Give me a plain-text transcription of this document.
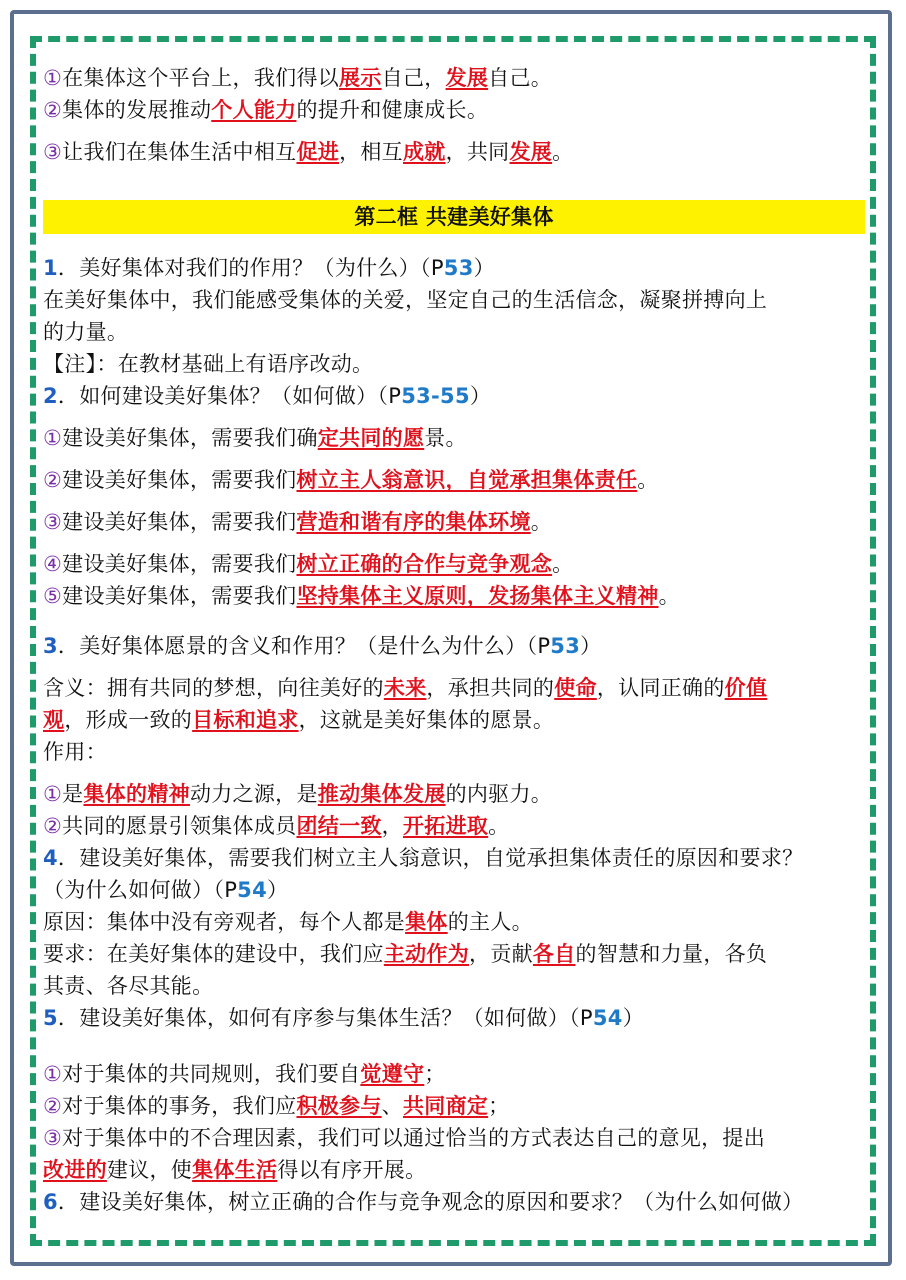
第二框 共建美好集体
①在集体这个平台上，我们得以展示自己，发展自己。
②集体的发展推动个人能力的提升和健康成长。
③让我们在集体生活中相互促进，相互成就，共同发展。
1．美好集体对我们的作用？（为什么）（P53）
在美好集体中，我们能感受集体的关爱，坚定自己的生活信念，凝聚拼搏向上
的力量。
【注】：在教材基础上有语序改动。
2．如何建设美好集体？（如何做）（P53-55）
①建设美好集体，需要我们确定共同的愿景。
②建设美好集体，需要我们树立主人翁意识，自觉承担集体责任。
③建设美好集体，需要我们营造和谐有序的集体环境。
④建设美好集体，需要我们树立正确的合作与竞争观念。
⑤建设美好集体，需要我们坚持集体主义原则，发扬集体主义精神。
3．美好集体愿景的含义和作用？（是什么为什么）（P53）
含义：拥有共同的梦想，向往美好的未来，承担共同的使命，认同正确的价值
观，形成一致的目标和追求，这就是美好集体的愿景。
作用：
①是集体的精神动力之源，是推动集体发展的内驱力。
②共同的愿景引领集体成员团结一致，开拓进取。
4．建设美好集体，需要我们树立主人翁意识，自觉承担集体责任的原因和要求？
（为什么如何做）（P54）
原因：集体中没有旁观者，每个人都是集体的主人。
要求：在美好集体的建设中，我们应主动作为，贡献各自的智慧和力量，各负
其责、各尽其能。
5．建设美好集体，如何有序参与集体生活？（如何做）（P54）
①对于集体的共同规则，我们要自觉遵守；
②对于集体的事务，我们应积极参与、共同商定；
③对于集体中的不合理因素，我们可以通过恰当的方式表达自己的意见，提出
改进的建议，使集体生活得以有序开展。
6．建设美好集体，树立正确的合作与竞争观念的原因和要求？（为什么如何做）
